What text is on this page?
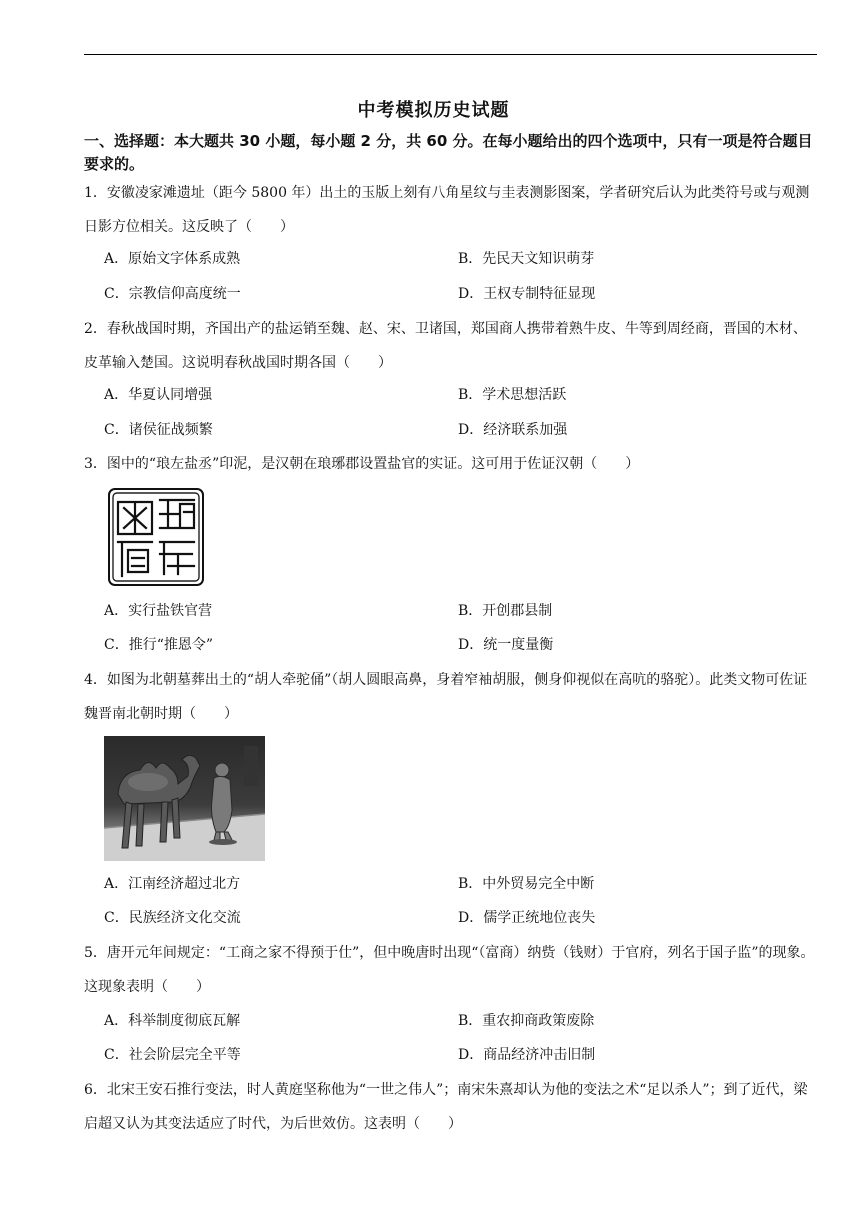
中考模拟历史试题
一、选择题：本大题共 30 小题，每小题 2 分，共 60 分。在每小题给出的四个选项中，只有一项是符合题目要求的。
1．安徽凌家滩遗址（距今 5800 年）出土的玉版上刻有八角星纹与圭表测影图案，学者研究后认为此类符号或与观测日影方位相关。这反映了（　　）
A．原始文字体系成熟	B．先民天文知识萌芽
C．宗教信仰高度统一	D．王权专制特征显现
2．春秋战国时期，齐国出产的盐运销至魏、赵、宋、卫诸国，郑国商人携带着熟牛皮、牛等到周经商，晋国的木材、皮革输入楚国。这说明春秋战国时期各国（　　）
A．华夏认同增强	B．学术思想活跃
C．诸侯征战频繁	D．经济联系加强
3．图中的“琅左盐丞”印泥，是汉朝在琅琊郡设置盐官的实证。这可用于佐证汉朝（　　）
A．实行盐铁官营	B．开创郡县制
C．推行“推恩令”	D．统一度量衡
4．如图为北朝墓葬出土的“胡人牵驼俑”（胡人圆眼高鼻，身着窄袖胡服，侧身仰视似在高吭的骆驼）。此类文物可佐证魏晋南北朝时期（　　）
A．江南经济超过北方	B．中外贸易完全中断
C．民族经济文化交流	D．儒学正统地位丧失
5．唐开元年间规定：“工商之家不得预于仕”，但中晚唐时出现“（富商）纳赀（钱财）于官府，列名于国子监”的现象。这现象表明（　　）
A．科举制度彻底瓦解	B．重农抑商政策废除
C．社会阶层完全平等	D．商品经济冲击旧制
6．北宋王安石推行变法，时人黄庭坚称他为“一世之伟人”；南宋朱熹却认为他的变法之术“足以杀人”；到了近代，梁启超又认为其变法适应了时代，为后世效仿。这表明（　　）
